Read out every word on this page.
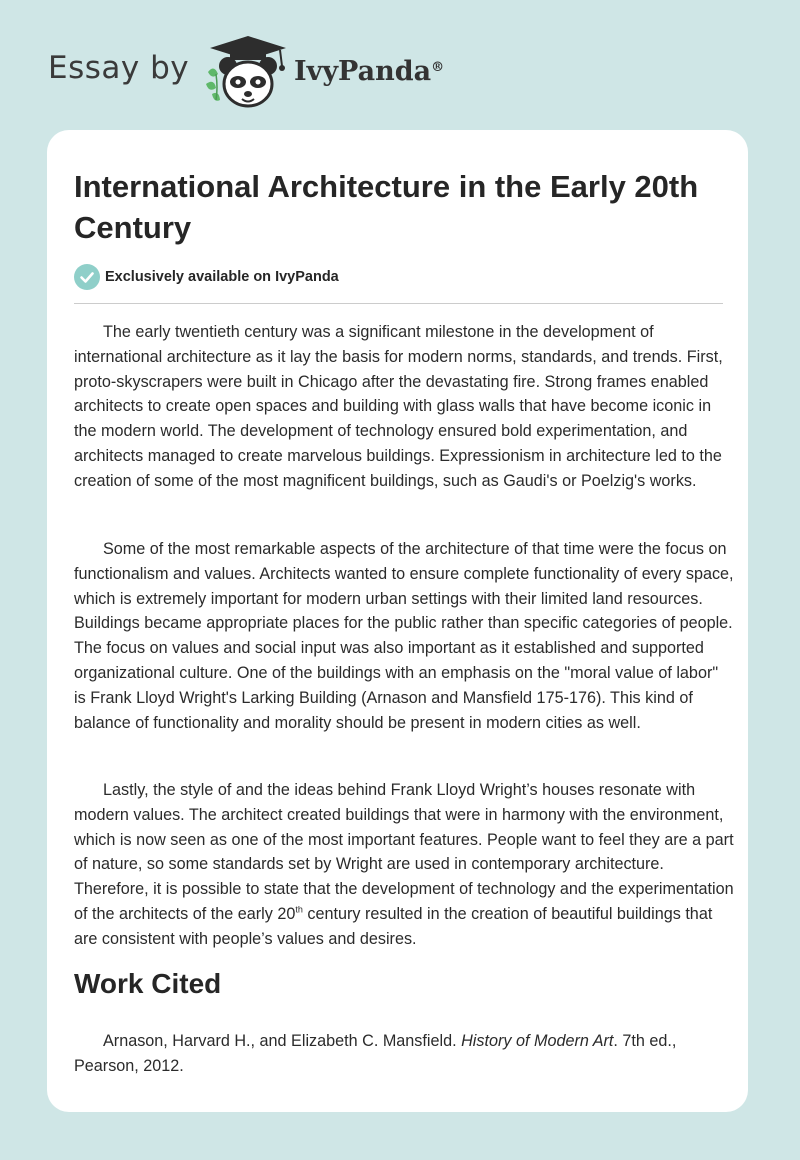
Essay by	IvyPanda®
International Architecture in the Early 20th Century
Exclusively available on IvyPanda

The early twentieth century was a significant milestone in the development of international architecture as it lay the basis for modern norms, standards, and trends. First, proto-skyscrapers were built in Chicago after the devastating fire. Strong frames enabled architects to create open spaces and building with glass walls that have become iconic in the modern world. The development of technology ensured bold experimentation, and architects managed to create marvelous buildings. Expressionism in architecture led to the creation of some of the most magnificent buildings, such as Gaudi's or Poelzig's works.

Some of the most remarkable aspects of the architecture of that time were the focus on functionalism and values. Architects wanted to ensure complete functionality of every space, which is extremely important for modern urban settings with their limited land resources. Buildings became appropriate places for the public rather than specific categories of people. The focus on values and social input was also important as it established and supported organizational culture. One of the buildings with an emphasis on the "moral value of labor" is Frank Lloyd Wright's Larking Building (Arnason and Mansfield 175-176). This kind of balance of functionality and morality should be present in modern cities as well.

Lastly, the style of and the ideas behind Frank Lloyd Wright’s houses resonate with modern values. The architect created buildings that were in harmony with the environment, which is now seen as one of the most important features. People want to feel they are a part of nature, so some standards set by Wright are used in contemporary architecture. Therefore, it is possible to state that the development of technology and the experimentation of the architects of the early 20th century resulted in the creation of beautiful buildings that are consistent with people’s values and desires.

Work Cited

Arnason, Harvard H., and Elizabeth C. Mansfield. History of Modern Art. 7th ed., Pearson, 2012.
